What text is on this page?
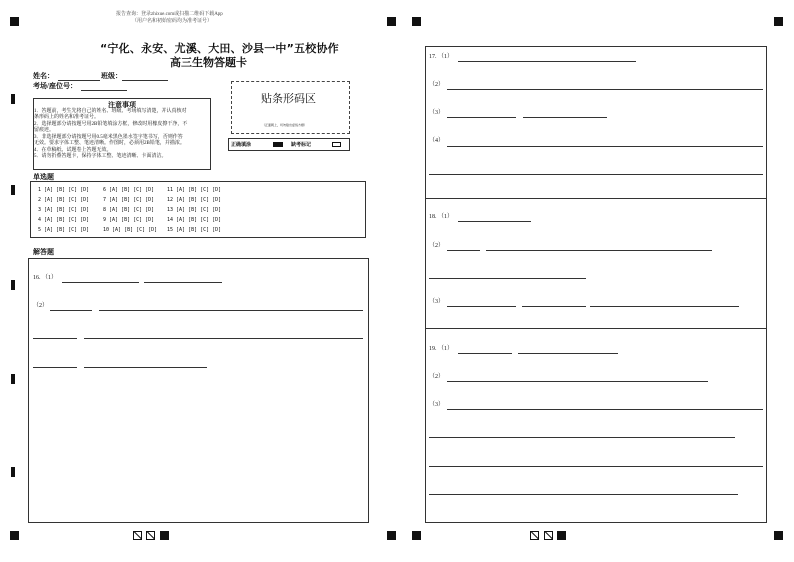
报告查询：登录zhixue.com或扫描二维码下载App
（用户名和初始密码均为准考证号）
“宁化、永安、尤溪、大田、沙县一中”五校协作
高三生物答题卡
姓名：	班级：
考场/座位号：
注意事项
1．答题前，考生先将自己的姓名、班级、考场填写清楚，并认真核对
条形码上的姓名和准考证号。
2．选择题部分请按题号用2B铅笔填涂方框，修改时用橡皮擦干净，不
留痕迹。
3．非选择题部分请按题号用0.5毫米黑色墨水签字笔书写，否则作答
无效。要求字体工整、笔迹清晰。作图时，必须用2B铅笔，并描浓。
4．在草稿纸、试题卷上答题无效。
5．请勿折叠答题卡，保持字体工整、笔迹清晰、卡面清洁。
贴条形码区
（正面朝上，切勿贴出虚线方框）
正确填涂	缺考标记
单选题
1 [A] [B] [C] [D]	6 [A] [B] [C] [D]	11 [A] [B] [C] [D]
2 [A] [B] [C] [D]	7 [A] [B] [C] [D]	12 [A] [B] [C] [D]
3 [A] [B] [C] [D]	8 [A] [B] [C] [D]	13 [A] [B] [C] [D]
4 [A] [B] [C] [D]	9 [A] [B] [C] [D]	14 [A] [B] [C] [D]
5 [A] [B] [C] [D]	10 [A] [B] [C] [D] 15 [A] [B] [C] [D]
解答题
16. （1）
（2）
17. （1）
（2）
（3）
（4）
18. （1）
（2）
（3）
19. （1）
（2）
（3）
